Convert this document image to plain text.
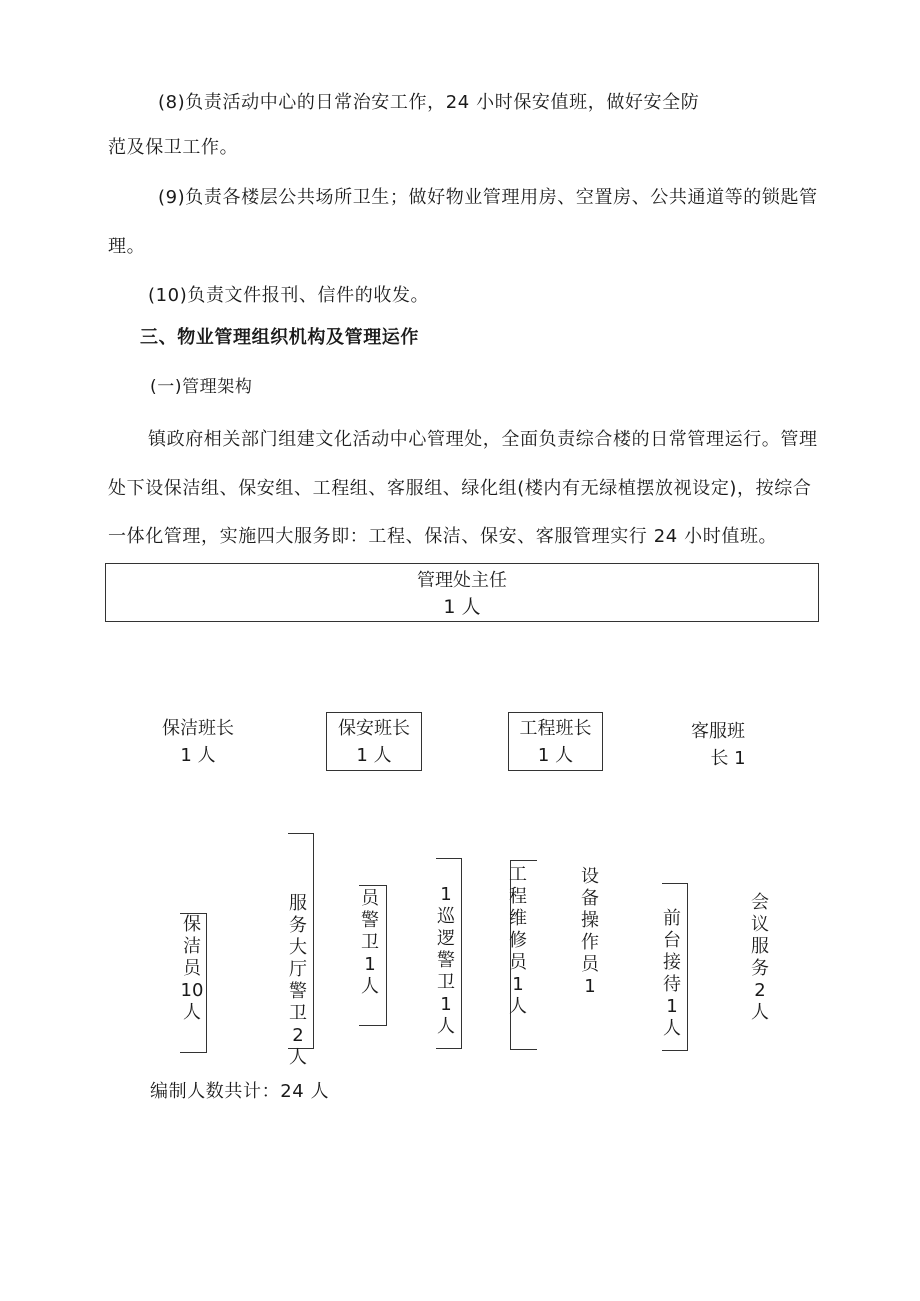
(8)负责活动中心的日常治安工作，24 小时保安值班，做好安全防
范及保卫工作。
(9)负责各楼层公共场所卫生；做好物业管理用房、空置房、公共通道等的锁匙管
理。
(10)负责文件报刊、信件的收发。
三、物业管理组织机构及管理运作
(一)管理架构
镇政府相关部门组建文化活动中心管理处，全面负责综合楼的日常管理运行。管理
处下设保洁组、保安组、工程组、客服组、绿化组(楼内有无绿植摆放视设定)，按综合
一体化管理，实施四大服务即：工程、保洁、保安、客服管理实行 24 小时值班。
管理处主任
1 人
保洁班长
1 人
保安班长
1 人
工程班长
1 人
客服班
长 1
保洁员10人
服务大厅警卫2人
员警卫1人
1巡逻警卫1人
工程维修员1人
设备操作员1
前台接待1人
会议服务2人
编制人数共计：24 人
